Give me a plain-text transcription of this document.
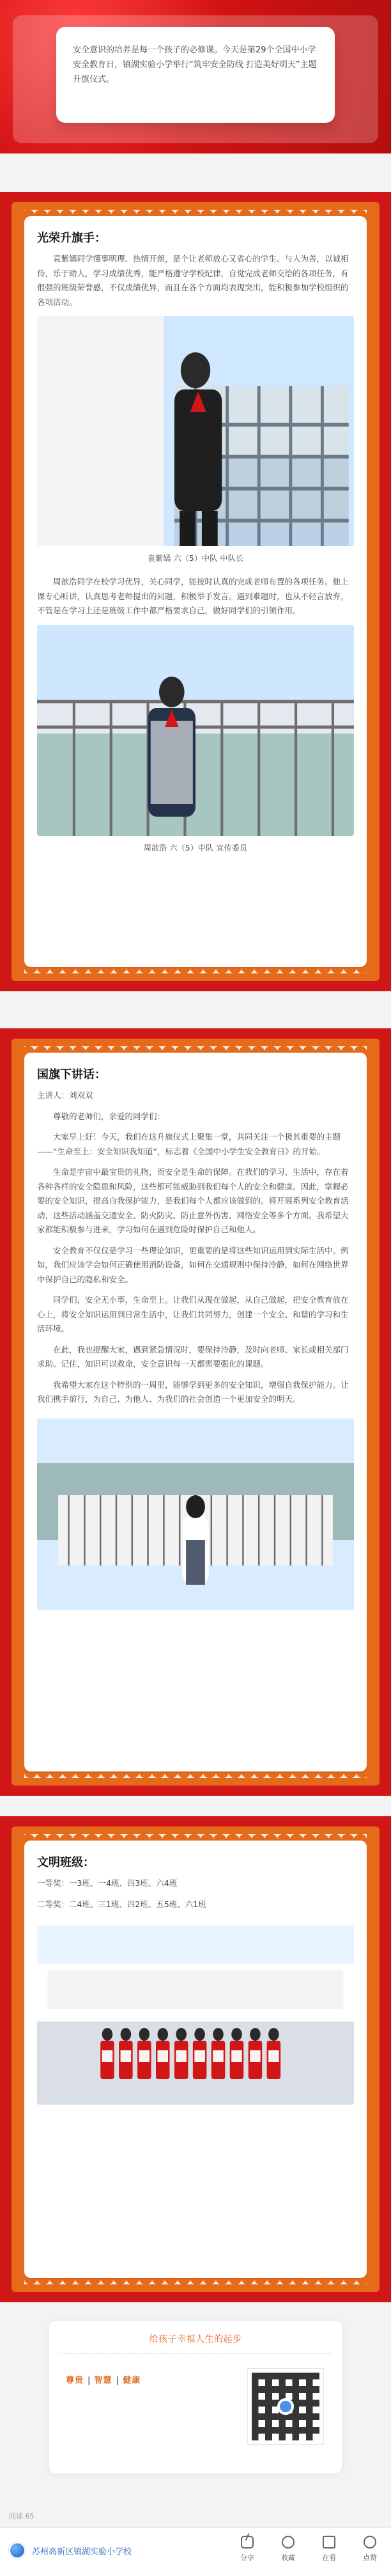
安全意识的培养是每一个孩子的必修课。今天是第29个全国中小学安全教育日，镇湖实验小学举行“筑牢安全防线 打造美好明天”主题升旗仪式。
光荣升旗手：
袁紫嫣同学懂事明理、热情开朗，是个让老师放心又省心的学生。与人为善，以诚相待，乐于助人，学习成绩优秀，能严格遵守学校纪律，自觉完成老师交给的各项任务，有很强的班级荣誉感，不仅成绩优异，而且在各个方面均表现突出，能积极参加学校组织的各项活动。
袁紫嫣 六（5）中队 中队长
周歆浩同学在校学习优异，关心同学，能按时认真的完成老师布置的各项任务。他上课专心听讲，认真思考老师提出的问题，积极举手发言。遇到难题时，也从不轻言放弃，不管是在学习上还是班级工作中都严格要求自己，做好同学们的引领作用。
周歆浩 六（5）中队 宣传委员
国旗下讲话：
主讲人：刘双双
尊敬的老师们，亲爱的同学们：
大家早上好！今天，我们在这升旗仪式上聚集一堂，共同关注一个极其重要的主题——“生命至上：安全知识我知道”，标志着《全国中小学生安全教育日》的开始。
生命是宇宙中最宝贵的礼物，而安全是生命的保障。在我们的学习、生活中，存在着各种各样的安全隐患和风险，这些都可能威胁到我们每个人的安全和健康。因此，掌握必要的安全知识，提高自我保护能力，是我们每个人都应该做到的。将开展系列安全教育活动，这些活动涵盖交通安全、防火防灾、防止意外伤害、网络安全等多个方面。我希望大家都能积极参与进来，学习如何在遇到危险时保护自己和他人。
安全教育不仅仅是学习一些理论知识，更重要的是将这些知识运用到实际生活中。例如，我们应该学会如何正确使用消防设备，如何在交通规则中保持冷静，如何在网络世界中保护自己的隐私和安全。
同学们，安全无小事，生命至上。让我们从现在做起，从自己做起，把安全教育放在心上，将安全知识运用到日常生活中，让我们共同努力，创建一个安全、和谐的学习和生活环境。
在此，我也提醒大家，遇到紧急情况时，要保持冷静，及时向老师、家长或相关部门求助。记住，知识可以救命，安全意识每一天都需要强化的课题。
我希望大家在这个特别的一周里，能够学到更多的安全知识，增强自我保护能力。让我们携手前行，为自己、为他人、为我们的社会创造一个更加安全的明天。
文明班级：
一等奖：一3班、一4班、四3班、六4班
二等奖：二4班、三1班、四2班、五5班、六1班
给孩子幸福人生的起步
尊贵 | 智慧 | 健康
阅读 65
苏州高新区镇湖实验小学校
分享	收藏	在看	点赞
